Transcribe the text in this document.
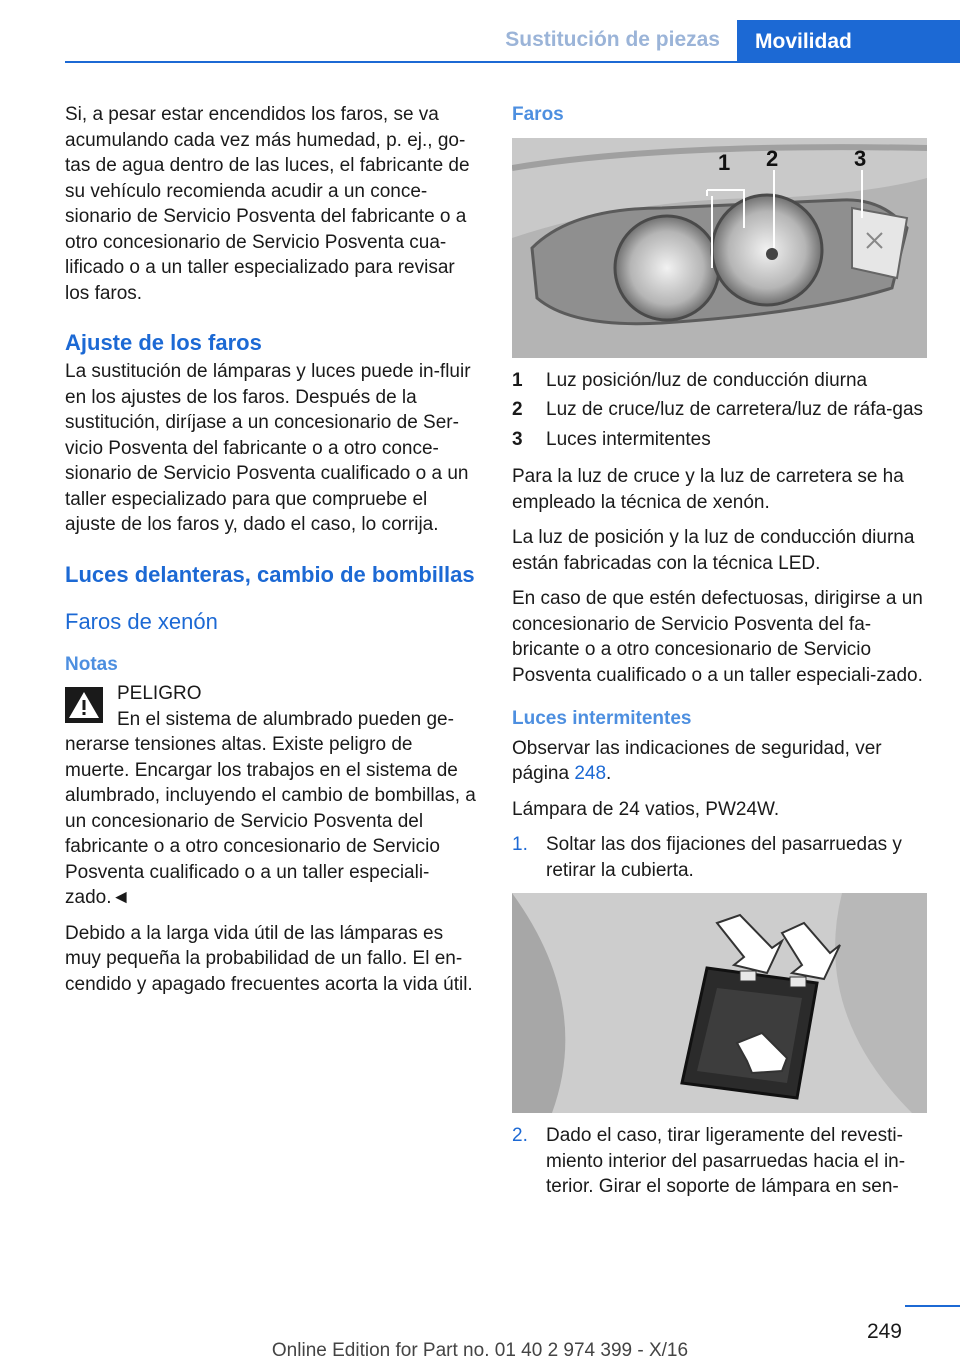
Sustitución de piezas	Movilidad

Si, a pesar estar encendidos los faros, se va acumulando cada vez más humedad, p. ej., go-tas de agua dentro de las luces, el fabricante de su vehículo recomienda acudir a un conce-sionario de Servicio Posventa del fabricante o a otro concesionario de Servicio Posventa cua-lificado o a un taller especializado para revisar los faros.

Ajuste de los faros

La sustitución de lámparas y luces puede in-fluir en los ajustes de los faros. Después de la sustitución, diríjase a un concesionario de Ser-vicio Posventa del fabricante o a otro conce-sionario de Servicio Posventa cualificado o a un taller especializado para que compruebe el ajuste de los faros y, dado el caso, lo corrija.

Luces delanteras, cambio de bombillas
Faros de xenón
Notas
PELIGRO

En el sistema de alumbrado pueden ge-nerarse tensiones altas. Existe peligro de muerte. Encargar los trabajos en el sistema de alumbrado, incluyendo el cambio de bombillas, a un concesionario de Servicio Posventa del fabricante o a otro concesionario de Servicio Posventa cualificado o a un taller especiali-zado.◄

Debido a la larga vida útil de las lámparas es muy pequeña la probabilidad de un fallo. El en-cendido y apagado frecuentes acorta la vida útil.

Faros
1 2	3
1	Luz posición/luz de conducción diurna
2	Luz de cruce/luz de carretera/luz de ráfa-gas
3	Luces intermitentes

Para la luz de cruce y la luz de carretera se ha empleado la técnica de xenón.

La luz de posición y la luz de conducción diurna están fabricadas con la técnica LED.

En caso de que estén defectuosas, dirigirse a un concesionario de Servicio Posventa del fa-bricante o a otro concesionario de Servicio Posventa cualificado o a un taller especiali-zado.

Luces intermitentes

Observar las indicaciones de seguridad, ver página 248.

Lámpara de 24 vatios, PW24W.

1. Soltar las dos fijaciones del pasarruedas y retirar la cubierta.
2. Dado el caso, tirar ligeramente del revesti-miento interior del pasarruedas hacia el in-terior. Girar el soporte de lámpara en sen-
249
Online Edition for Part no. 01 40 2 974 399 - X/16
